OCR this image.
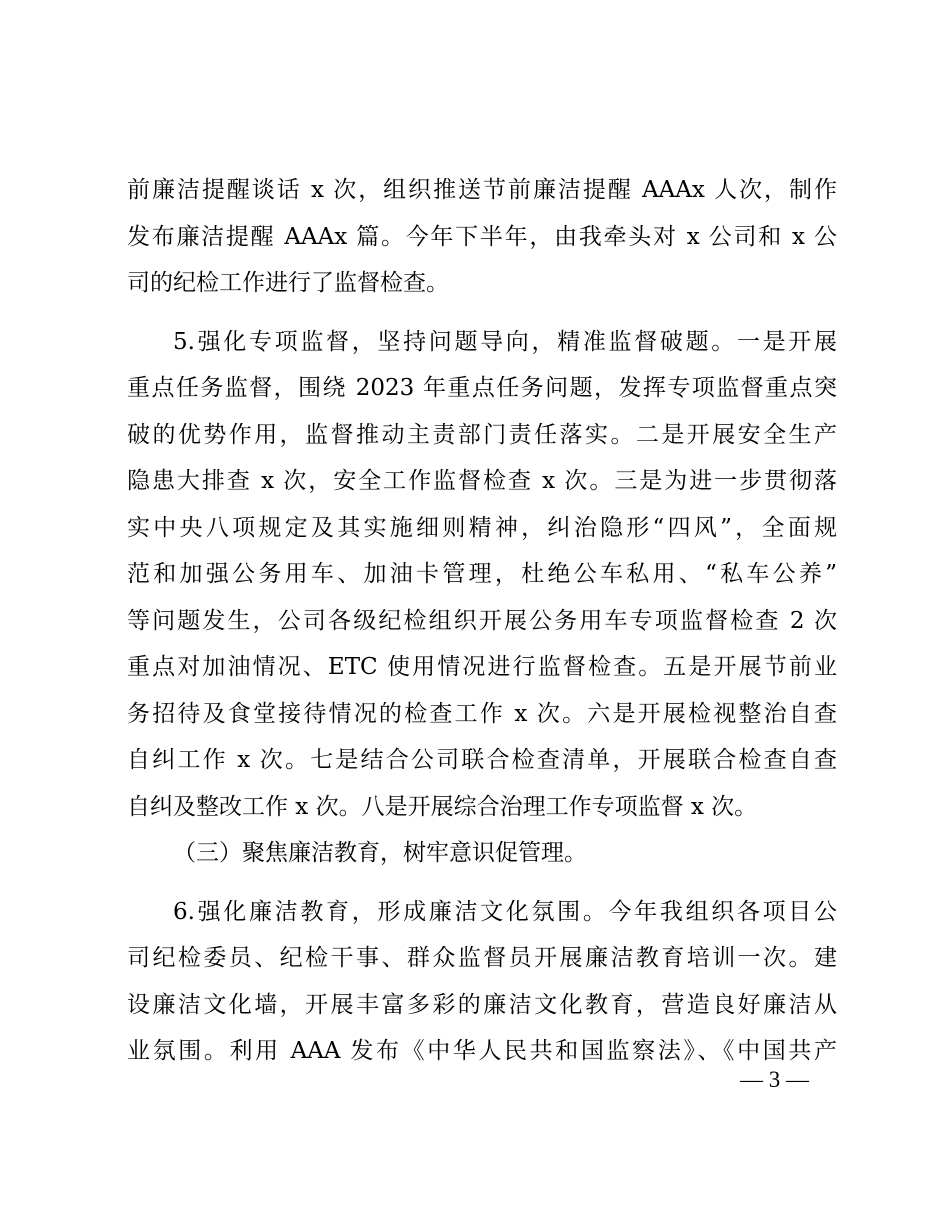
前廉洁提醒谈话 x 次，组织推送节前廉洁提醒 AAAx 人次，制作
发布廉洁提醒 AAAx 篇。今年下半年，由我牵头对 x 公司和 x 公
司的纪检工作进行了监督检查。
5.强化专项监督，坚持问题导向，精准监督破题。一是开展
重点任务监督，围绕 2023 年重点任务问题，发挥专项监督重点突
破的优势作用，监督推动主责部门责任落实。二是开展安全生产
隐患大排查 x 次，安全工作监督检查 x 次。三是为进一步贯彻落
实中央八项规定及其实施细则精神，纠治隐形“四风”，全面规
范和加强公务用车、加油卡管理，杜绝公车私用、“私车公养”
等问题发生，公司各级纪检组织开展公务用车专项监督检查 2 次
重点对加油情况、ETC 使用情况进行监督检查。五是开展节前业
务招待及食堂接待情况的检查工作 x 次。六是开展检视整治自查
自纠工作 x 次。七是结合公司联合检查清单，开展联合检查自查
自纠及整改工作 x 次。八是开展综合治理工作专项监督 x 次。
（三）聚焦廉洁教育，树牢意识促管理。
6.强化廉洁教育，形成廉洁文化氛围。今年我组织各项目公
司纪检委员、纪检干事、群众监督员开展廉洁教育培训一次。建
设廉洁文化墙，开展丰富多彩的廉洁文化教育，营造良好廉洁从
业氛围。利用 AAA 发布《中华人民共和国监察法》、《中国共产
— 3 —
